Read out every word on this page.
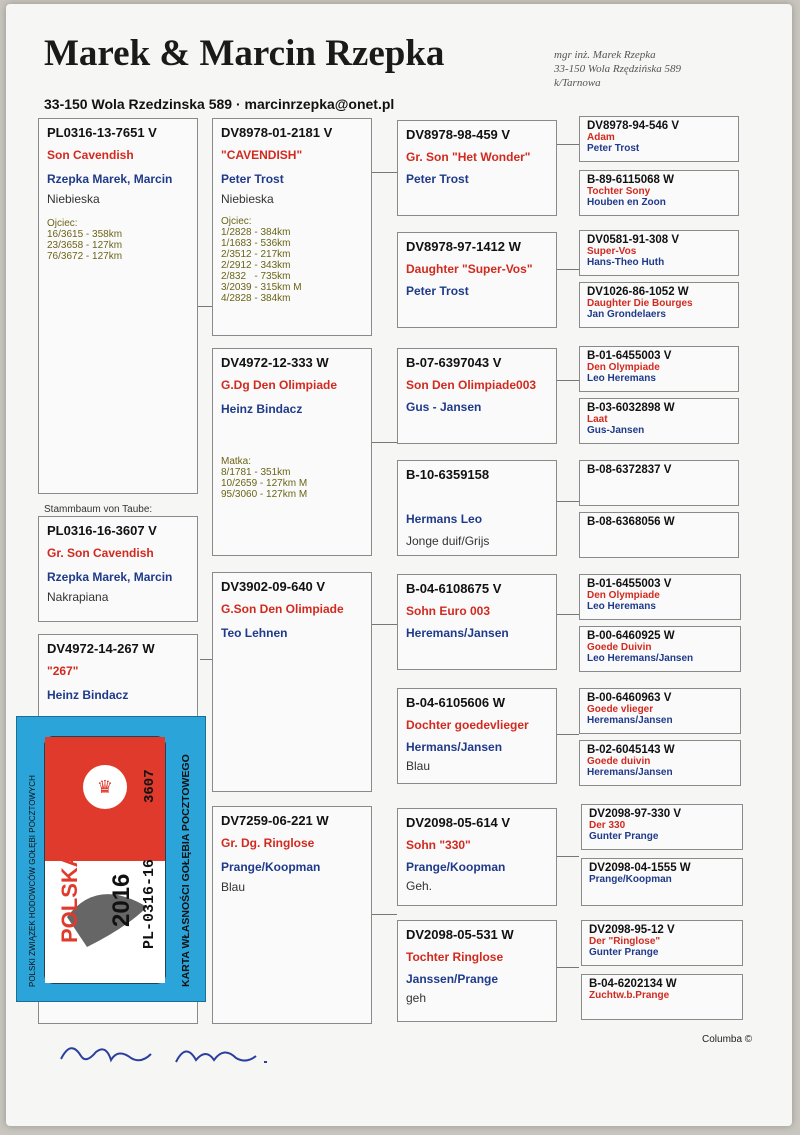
Marek & Marcin Rzepka
33-150 Wola Rzedzinska 589 · marcinrzepka@onet.pl
mgr inż. Marek Rzepka
33-150 Wola Rzędzińska 589
k/Tarnowa
PL0316-13-7651 V
Son Cavendish
Rzepka Marek, Marcin
Niebieska
Ojciec:
16/3615 - 358km
23/3658 - 127km
76/3672 - 127km
Stammbaum von Taube:
PL0316-16-3607 V
Gr. Son Cavendish
Rzepka Marek, Marcin
Nakrapiana
DV4972-14-267 W
"267"
Heinz Bindacz
DV8978-01-2181 V
"CAVENDISH"
Peter Trost
Niebieska
Ojciec:
1/2828 - 384km
1/1683 - 536km
2/3512 - 217km
2/2912 - 343km
2/832   - 735km
3/2039 - 315km M
4/2828 - 384km
DV4972-12-333 W
G.Dg Den Olimpiade
Heinz Bindacz
Matka:
8/1781 - 351km
10/2659 - 127km M
95/3060 - 127km M
DV3902-09-640 V
G.Son Den Olimpiade
Teo Lehnen
DV7259-06-221 W
Gr. Dg. Ringlose
Prange/Koopman
Blau
DV8978-98-459 V
Gr. Son "Het Wonder"
Peter Trost
DV8978-97-1412 W
Daughter "Super-Vos"
Peter Trost
B-07-6397043 V
Son Den Olimpiade003
Gus - Jansen
B-10-6359158
Hermans Leo
Jonge duif/Grijs
B-04-6108675 V
Sohn Euro 003
Heremans/Jansen
B-04-6105606 W
Dochter goedevlieger
Hermans/Jansen
Blau
DV2098-05-614 V
Sohn "330"
Prange/Koopman
Geh.
DV2098-05-531 W
Tochter Ringlose
Janssen/Prange
geh
DV8978-94-546 V
Adam
Peter Trost
B-89-6115068 W
Tochter Sony
Houben en Zoon
DV0581-91-308 V
Super-Vos
Hans-Theo Huth
DV1026-86-1052 W
Daughter Die Bourges
Jan Grondelaers
B-01-6455003 V
Den Olympiade
Leo Heremans
B-03-6032898 W
Laat
Gus-Jansen
B-08-6372837 V
B-08-6368056 W
B-01-6455003 V
Den Olympiade
Leo Heremans
B-00-6460925 W
Goede Duivin
Leo Heremans/Jansen
B-00-6460963 V
Goede vlieger
Heremans/Jansen
B-02-6045143 W
Goede duivin
Heremans/Jansen
DV2098-97-330 V
Der 330
Gunter Prange
DV2098-04-1555 W
Prange/Koopman
DV2098-95-12 V
Der "Ringlose"
Gunter Prange
B-04-6202134 W
Zuchtw.b.Prange
♛
POLSKA 2016 PL-0316-16
3607 KARTA WŁASNOŚCI GOŁĘBIA POCZTOWEGO
POLSKI ZWIĄZEK HODOWCÓW GOŁĘBI POCZTOWYCH
Columba ©
